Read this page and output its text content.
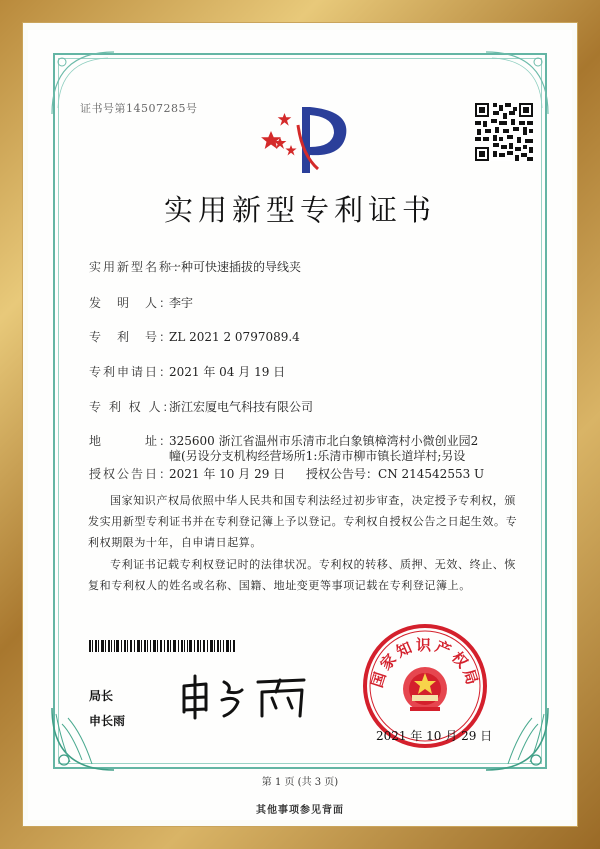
证书号第14507285号
实用新型专利证书
实用新型名称：一种可快速插拔的导线夹
发　明　人：李宇
专　利　号：ZL 2021 2 0797089.4
专利申请日：2021 年 04 月 19 日
专 利 权 人：浙江宏厦电气科技有限公司
地　　　址：325600 浙江省温州市乐清市北白象镇樟湾村小微创业园2
幢(另设分支机构经营场所1:乐清市柳市镇长道垟村;另设
授权公告日：2021 年 10 月 29 日 授权公告号：CN 214542553 U
国家知识产权局依照中华人民共和国专利法经过初步审查，决定授予专利权，颁发实用新型专利证书并在专利登记簿上予以登记。专利权自授权公告之日起生效。专利权期限为十年，自申请日起算。
专利证书记载专利权登记时的法律状况。专利权的转移、质押、无效、终止、恢复和专利权人的姓名或名称、国籍、地址变更等事项记载在专利登记簿上。
局长
申长雨
国家知识产权局
2021 年 10 月 29 日
第 1 页 (共 3 页)
其他事项参见背面
